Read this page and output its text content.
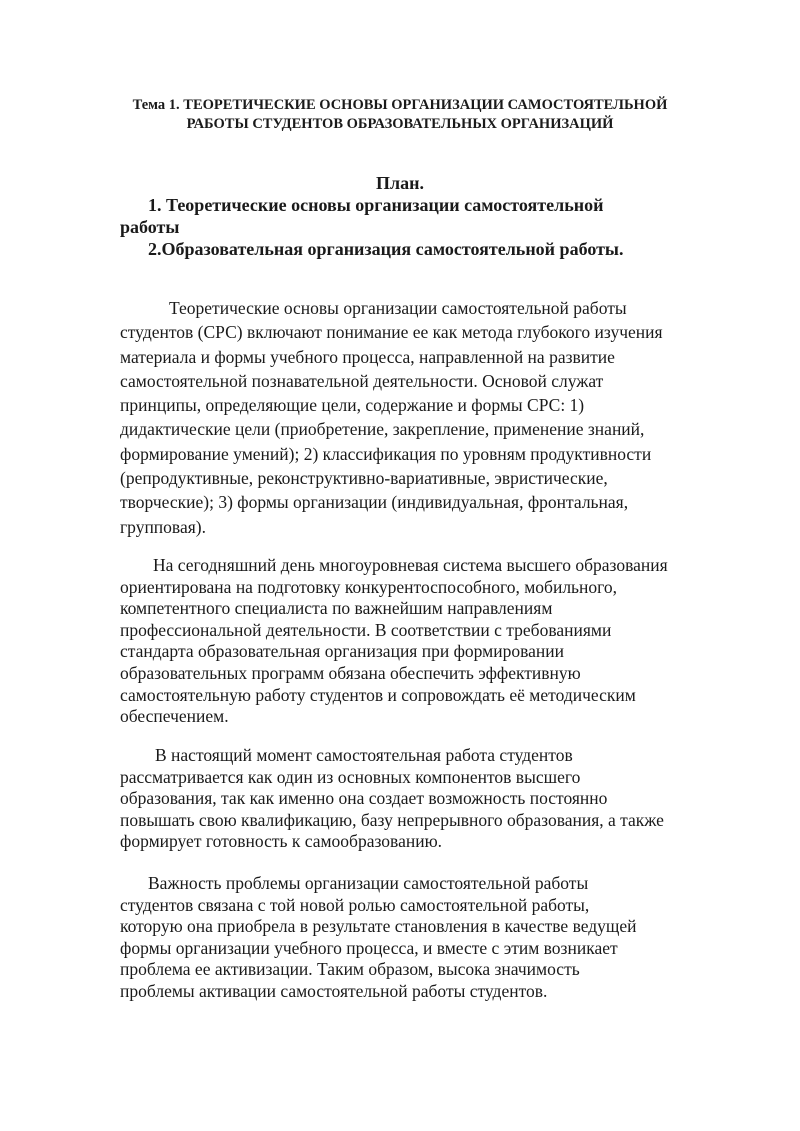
Тема 1. ТЕОРЕТИЧЕСКИЕ ОСНОВЫ ОРГАНИЗАЦИИ САМОСТОЯТЕЛЬНОЙ РАБОТЫ СТУДЕНТОВ ОБРАЗОВАТЕЛЬНЫХ ОРГАНИЗАЦИЙ

План.

1. Теоретические основы организации самостоятельной работы

2.Образовательная организация самостоятельной работы.

Теоретические основы организации самостоятельной работы студентов (СРС) включают понимание ее как метода глубокого изучения материала и формы учебного процесса, направленной на развитие самостоятельной познавательной деятельности. Основой служат принципы, определяющие цели, содержание и формы СРС: 1) дидактические цели (приобретение, закрепление, применение знаний, формирование умений); 2) классификация по уровням продуктивности (репродуктивные, реконструктивно-вариативные, эвристические, творческие); 3) формы организации (индивидуальная, фронтальная, групповая).

На сегодняшний день многоуровневая система высшего образования ориентирована на подготовку конкурентоспособного, мобильного, компетентного специалиста по важнейшим направлениям профессиональной деятельности. В соответствии с требованиями стандарта образовательная организация при формировании образовательных программ обязана обеспечить эффективную самостоятельную работу студентов и сопровождать её методическим обеспечением.

В настоящий момент самостоятельная работа студентов рассматривается как один из основных компонентов высшего образования, так как именно она создает возможность постоянно повышать свою квалификацию, базу непрерывного образования, а также формирует готовность к самообразованию.

Важность проблемы организации самостоятельной работы студентов связана с той новой ролью самостоятельной работы, которую она приобрела в результате становления в качестве ведущей формы организации учебного процесса, и вместе с этим возникает проблема ее активизации. Таким образом, высока значимость проблемы активации самостоятельной работы студентов.
